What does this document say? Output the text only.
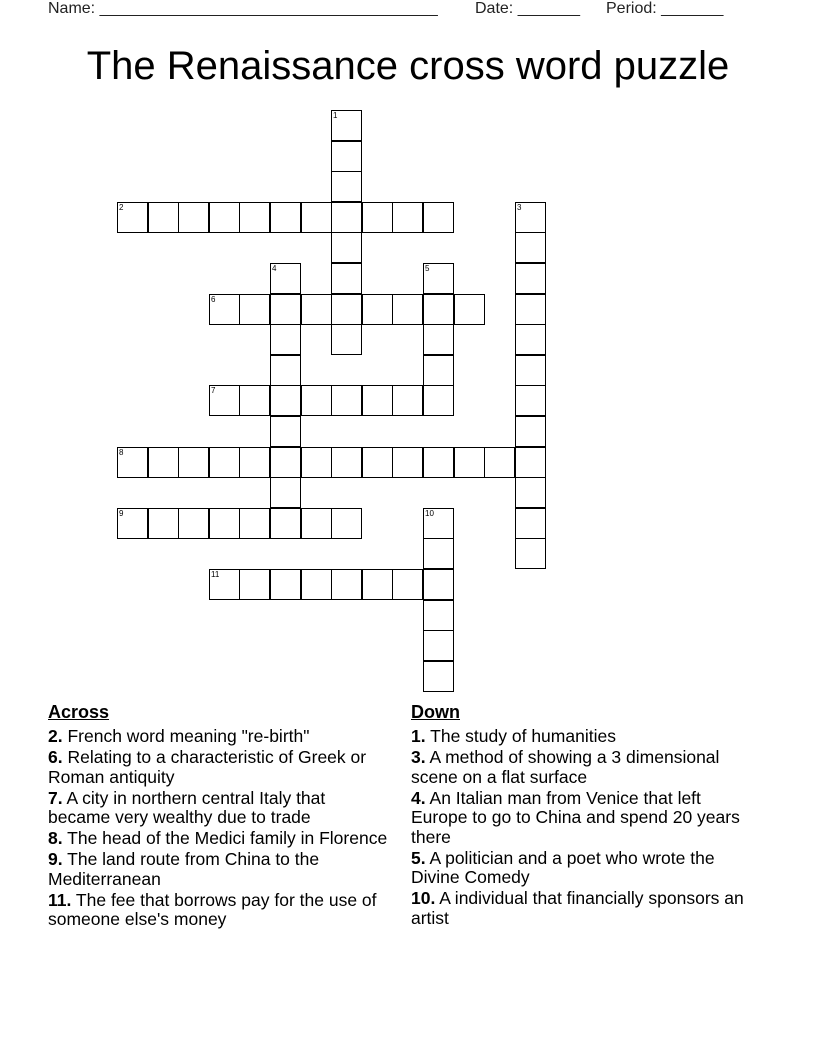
Name: ______________________________________ Date: _______ Period: _______
The Renaissance cross word puzzle
1
2	3
4	5
6
7
8
9	10
11
Across
2. French word meaning "re-birth"
6. Relating to a characteristic of Greek or Roman antiquity
7. A city in northern central Italy that became very wealthy due to trade
8. The head of the Medici family in Florence
9. The land route from China to the Mediterranean
11. The fee that borrows pay for the use of someone else's money
Down
1. The study of humanities
3. A method of showing a 3 dimensional scene on a flat surface
4. An Italian man from Venice that left Europe to go to China and spend 20 years there
5. A politician and a poet who wrote the Divine Comedy
10. A individual that financially sponsors an artist
